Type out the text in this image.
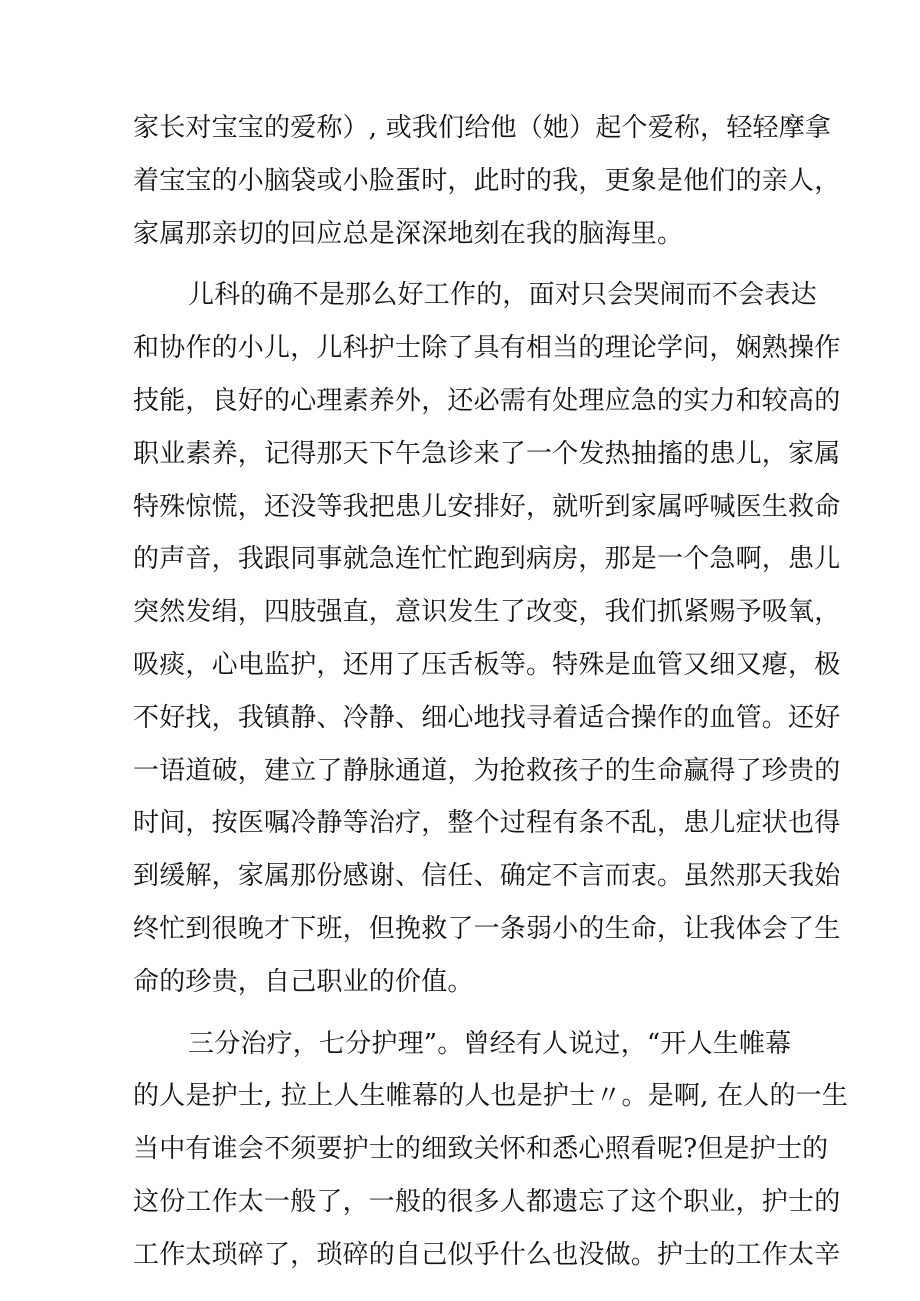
家长对宝宝的爱称）, 或我们给他（她）起个爱称，轻轻摩拿
着宝宝的小脑袋或小脸蛋时，此时的我，更象是他们的亲人，
家属那亲切的回应总是深深地刻在我的脑海里。
儿科的确不是那么好工作的，面对只会哭闹而不会表达
和协作的小儿，儿科护士除了具有相当的理论学问，娴熟操作
技能，良好的心理素养外，还必需有处理应急的实力和较高的
职业素养，记得那天下午急诊来了一个发热抽搐的患儿，家属
特殊惊慌，还没等我把患儿安排好，就听到家属呼喊医生救命
的声音，我跟同事就急连忙忙跑到病房，那是一个急啊，患儿
突然发绢，四肢强直，意识发生了改变，我们抓紧赐予吸氧，
吸痰，心电监护，还用了压舌板等。特殊是血管又细又瘪，极
不好找，我镇静、冷静、细心地找寻着适合操作的血管。还好
一语道破，建立了静脉通道，为抢救孩子的生命赢得了珍贵的
时间，按医嘱冷静等治疗，整个过程有条不乱，患儿症状也得
到缓解，家属那份感谢、信任、确定不言而衷。虽然那天我始
终忙到很晚才下班，但挽救了一条弱小的生命，让我体会了生
命的珍贵，自己职业的价值。
三分治疗，七分护理”。曾经有人说过，“开人生帷幕
的人是护士, 拉上人生帷幕的人也是护士〃。是啊, 在人的一生
当中有谁会不须要护士的细致关怀和悉心照看呢?但是护士的
这份工作太一般了，一般的很多人都遗忘了这个职业，护士的
工作太琐碎了，琐碎的自己似乎什么也没做。护士的工作太辛
